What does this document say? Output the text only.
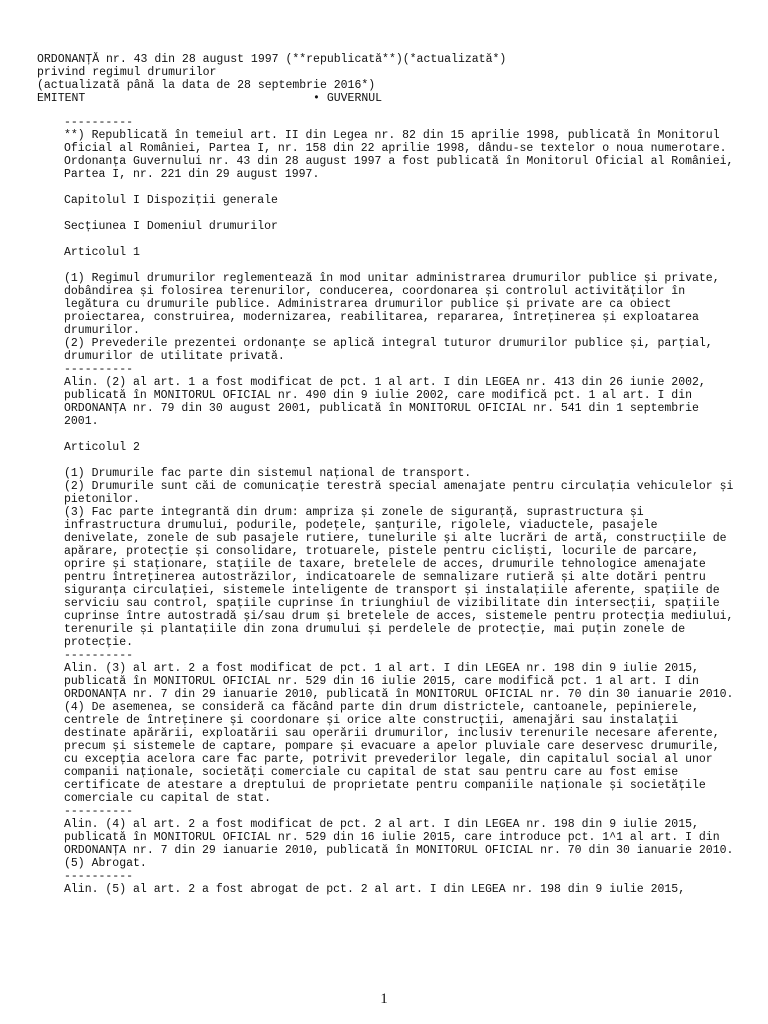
ORDONANȚĂ nr. 43 din 28 august 1997 (**republicată**)(*actualizată*)
privind regimul drumurilor
(actualizată până la data de 28 septembrie 2016*)
EMITENT                                 • GUVERNUL
----------
**) Republicată în temeiul art. II din Legea nr. 82 din 15 aprilie 1998, publicată în Monitorul
Oficial al României, Partea I, nr. 158 din 22 aprilie 1998, dându-se textelor o noua numerotare.
Ordonanța Guvernului nr. 43 din 28 august 1997 a fost publicată în Monitorul Oficial al României,
Partea I, nr. 221 din 29 august 1997.
Capitolul I Dispoziții generale
Secțiunea I Domeniul drumurilor
Articolul 1
(1) Regimul drumurilor reglementează în mod unitar administrarea drumurilor publice și private,
dobândirea și folosirea terenurilor, conducerea, coordonarea și controlul activităților în
legătura cu drumurile publice. Administrarea drumurilor publice și private are ca obiect
proiectarea, construirea, modernizarea, reabilitarea, repararea, întreținerea și exploatarea
drumurilor.
(2) Prevederile prezentei ordonanțe se aplică integral tuturor drumurilor publice și, parțial,
drumurilor de utilitate privată.
----------
Alin. (2) al art. 1 a fost modificat de pct. 1 al art. I din LEGEA nr. 413 din 26 iunie 2002,
publicată în MONITORUL OFICIAL nr. 490 din 9 iulie 2002, care modifică pct. 1 al art. I din
ORDONANȚA nr. 79 din 30 august 2001, publicată în MONITORUL OFICIAL nr. 541 din 1 septembrie
2001.
Articolul 2
(1) Drumurile fac parte din sistemul național de transport.
(2) Drumurile sunt căi de comunicație terestră special amenajate pentru circulația vehiculelor și
pietonilor.
(3) Fac parte integrantă din drum: ampriza și zonele de siguranță, suprastructura și
infrastructura drumului, podurile, podețele, șanțurile, rigolele, viaductele, pasajele
denivelate, zonele de sub pasajele rutiere, tunelurile și alte lucrări de artă, construcțiile de
apărare, protecție și consolidare, trotuarele, pistele pentru cicliști, locurile de parcare,
oprire și staționare, stațiile de taxare, bretelele de acces, drumurile tehnologice amenajate
pentru întreținerea autostrăzilor, indicatoarele de semnalizare rutieră și alte dotări pentru
siguranța circulației, sistemele inteligente de transport și instalațiile aferente, spațiile de
serviciu sau control, spațiile cuprinse în triunghiul de vizibilitate din intersecții, spațiile
cuprinse între autostradă și/sau drum și bretelele de acces, sistemele pentru protecția mediului,
terenurile și plantațiile din zona drumului și perdelele de protecție, mai puțin zonele de
protecție.
----------
Alin. (3) al art. 2 a fost modificat de pct. 1 al art. I din LEGEA nr. 198 din 9 iulie 2015,
publicată în MONITORUL OFICIAL nr. 529 din 16 iulie 2015, care modifică pct. 1 al art. I din
ORDONANȚA nr. 7 din 29 ianuarie 2010, publicată în MONITORUL OFICIAL nr. 70 din 30 ianuarie 2010.
(4) De asemenea, se consideră ca făcând parte din drum districtele, cantoanele, pepinierele,
centrele de întreținere și coordonare și orice alte construcții, amenajări sau instalații
destinate apărării, exploatării sau operării drumurilor, inclusiv terenurile necesare aferente,
precum și sistemele de captare, pompare și evacuare a apelor pluviale care deservesc drumurile,
cu excepția acelora care fac parte, potrivit prevederilor legale, din capitalul social al unor
companii naționale, societăți comerciale cu capital de stat sau pentru care au fost emise
certificate de atestare a dreptului de proprietate pentru companiile naționale și societățile
comerciale cu capital de stat.
----------
Alin. (4) al art. 2 a fost modificat de pct. 2 al art. I din LEGEA nr. 198 din 9 iulie 2015,
publicată în MONITORUL OFICIAL nr. 529 din 16 iulie 2015, care introduce pct. 1^1 al art. I din
ORDONANȚA nr. 7 din 29 ianuarie 2010, publicată în MONITORUL OFICIAL nr. 70 din 30 ianuarie 2010.
(5) Abrogat.
----------
Alin. (5) al art. 2 a fost abrogat de pct. 2 al art. I din LEGEA nr. 198 din 9 iulie 2015,
1
